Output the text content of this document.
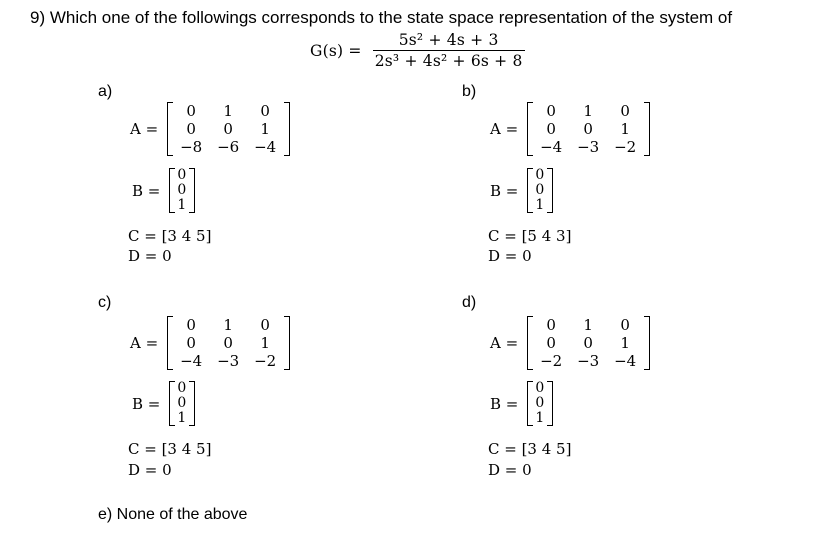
9) Which one of the followings corresponds to the state space representation of the system of
$G(s) = \frac{\text{5s² + 4s + 3}}{\text{2s³ + 4s² + 6s + 8}}$
a)
A =
0	1	0
0	0	1
−8	−6	−4
B =
0
0
1
C = [3 4 5]
D = 0
b)
A =
0	1	0
0	0	1
−4	−3	−2
B =
0
0
1
C = [5 4 3]
D = 0
c)
A =
0	1	0
0	0	1
−4	−3	−2
B =
0
0
1
C = [3 4 5]
D = 0
d)
A =
0	1	0
0	0	1
−2	−3	−4
B =
0
0
1
C = [3 4 5]
D = 0
e) None of the above
